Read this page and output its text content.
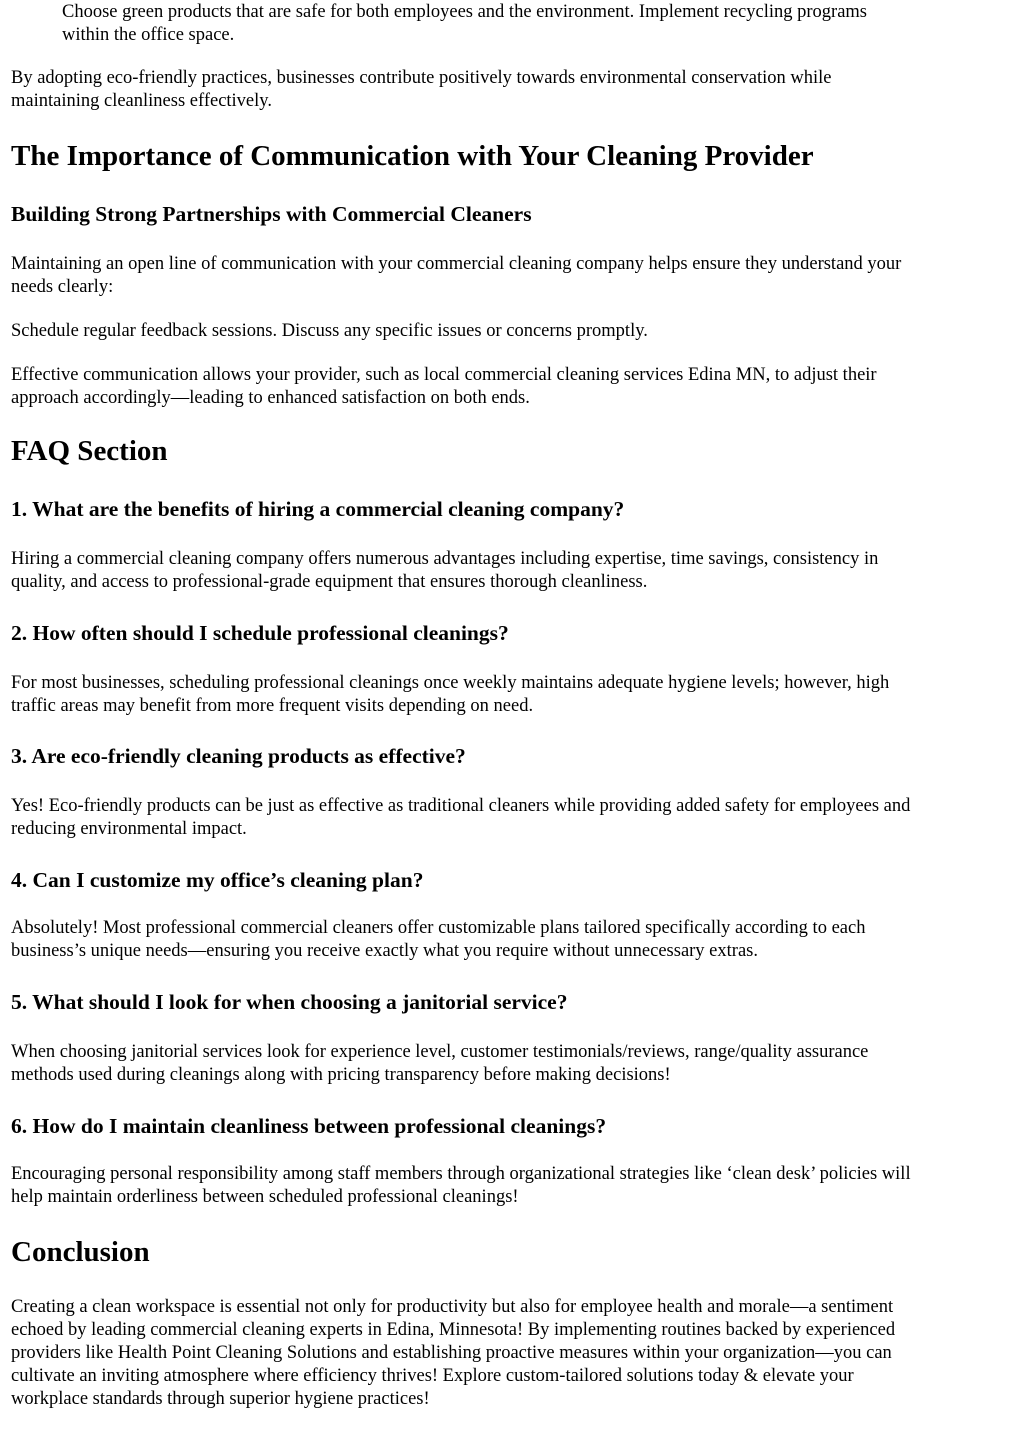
Choose green products that are safe for both employees and the environment. Implement recycling programs
within the office space.

By adopting eco-friendly practices, businesses contribute positively towards environmental conservation while
maintaining cleanliness effectively.

The Importance of Communication with Your Cleaning Provider
Building Strong Partnerships with Commercial Cleaners

Maintaining an open line of communication with your commercial cleaning company helps ensure they understand your
needs clearly:

Schedule regular feedback sessions. Discuss any specific issues or concerns promptly.

Effective communication allows your provider, such as local commercial cleaning services Edina MN, to adjust their
approach accordingly—leading to enhanced satisfaction on both ends.

FAQ Section
1. What are the benefits of hiring a commercial cleaning company?

Hiring a commercial cleaning company offers numerous advantages including expertise, time savings, consistency in
quality, and access to professional-grade equipment that ensures thorough cleanliness.

2. How often should I schedule professional cleanings?

For most businesses, scheduling professional cleanings once weekly maintains adequate hygiene levels; however, high
traffic areas may benefit from more frequent visits depending on need.

3. Are eco-friendly cleaning products as effective?

Yes! Eco-friendly products can be just as effective as traditional cleaners while providing added safety for employees and
reducing environmental impact.

4. Can I customize my office’s cleaning plan?

Absolutely! Most professional commercial cleaners offer customizable plans tailored specifically according to each
business’s unique needs—ensuring you receive exactly what you require without unnecessary extras.

5. What should I look for when choosing a janitorial service?

When choosing janitorial services look for experience level, customer testimonials/reviews, range/quality assurance
methods used during cleanings along with pricing transparency before making decisions!

6. How do I maintain cleanliness between professional cleanings?

Encouraging personal responsibility among staff members through organizational strategies like ‘clean desk’ policies will
help maintain orderliness between scheduled professional cleanings!

Conclusion

Creating a clean workspace is essential not only for productivity but also for employee health and morale—a sentiment
echoed by leading commercial cleaning experts in Edina, Minnesota! By implementing routines backed by experienced
providers like Health Point Cleaning Solutions and establishing proactive measures within your organization—you can
cultivate an inviting atmosphere where efficiency thrives! Explore custom-tailored solutions today & elevate your
workplace standards through superior hygiene practices!
